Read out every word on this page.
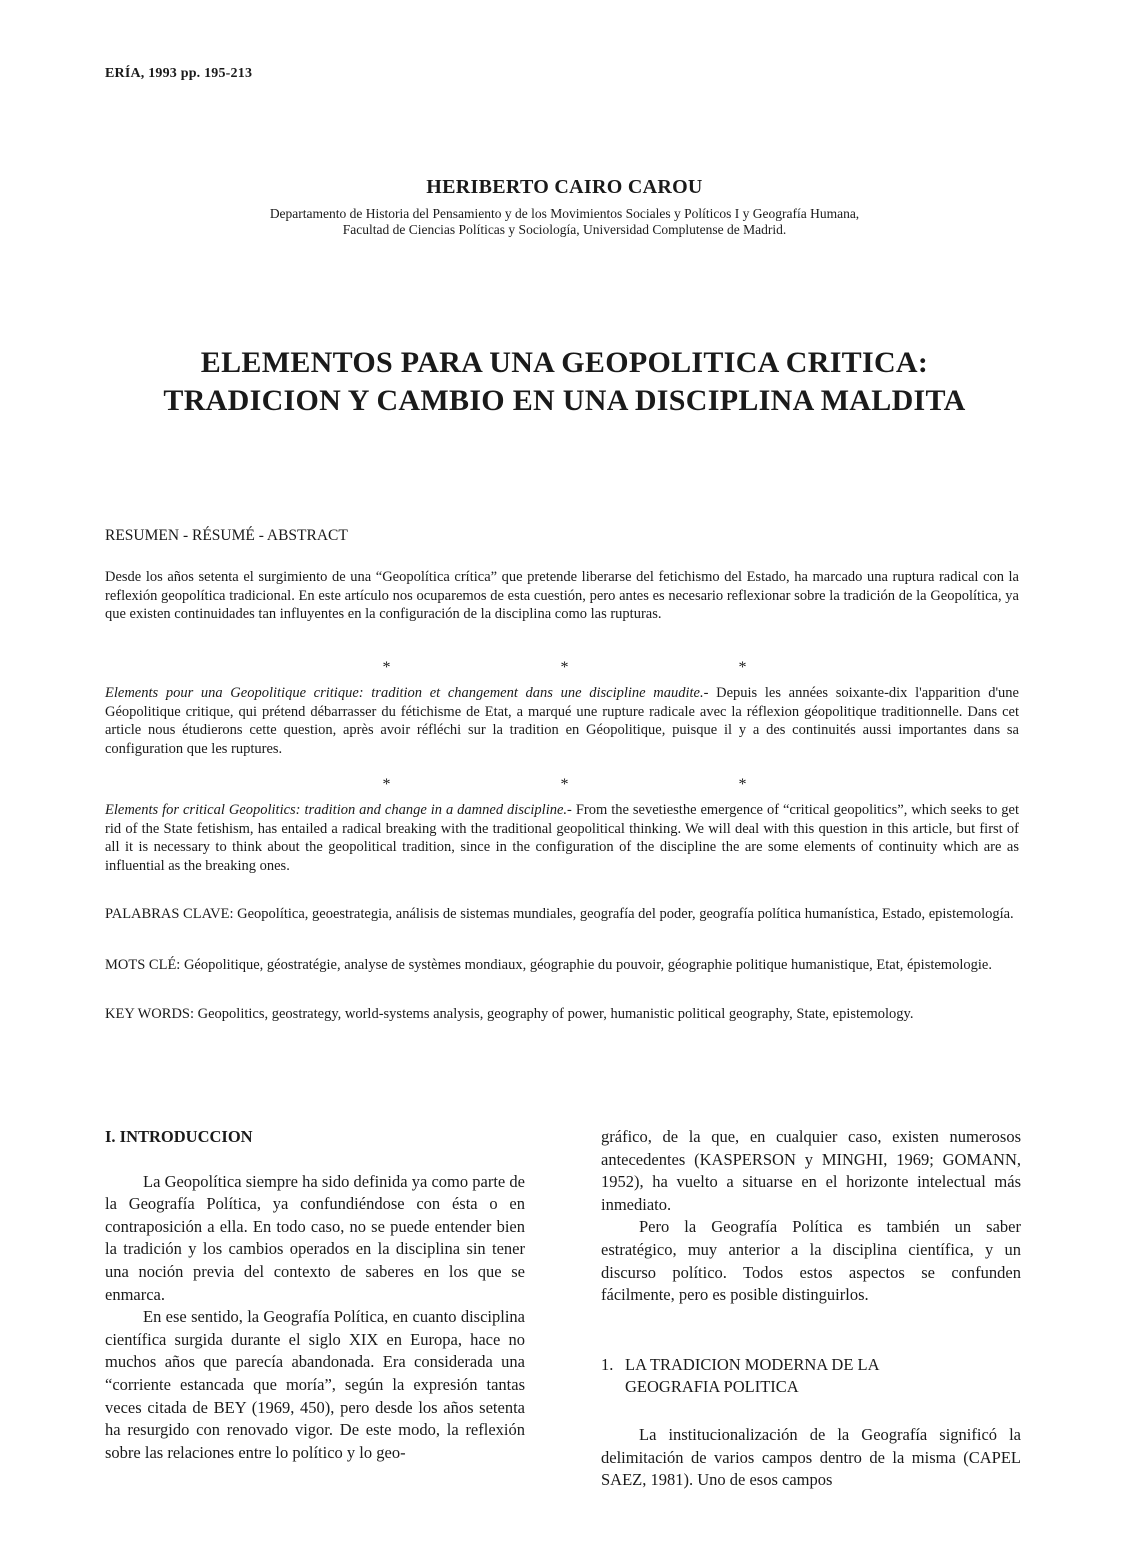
ERÍA, 1993 pp. 195-213
HERIBERTO CAIRO CAROU
Departamento de Historia del Pensamiento y de los Movimientos Sociales y Políticos I y Geografía Humana,
Facultad de Ciencias Políticas y Sociología, Universidad Complutense de Madrid.
ELEMENTOS PARA UNA GEOPOLITICA CRITICA:
TRADICION Y CAMBIO EN UNA DISCIPLINA MALDITA
RESUMEN - RÉSUMÉ - ABSTRACT

Desde los años setenta el surgimiento de una “Geopolítica crítica” que pretende liberarse del fetichismo del Estado, ha marcado una ruptura radical con la reflexión geopolítica tradicional. En este artículo nos ocuparemos de esta cuestión, pero antes es necesario reflexionar sobre la tradición de la Geopolítica, ya que existen continuidades tan influyentes en la configuración de la disciplina como las rupturas.

*	*	*

Elements pour una Geopolitique critique: tradition et changement dans une discipline maudite.- Depuis les années soixante-dix l'apparition d'une Géopolitique critique, qui prétend débarrasser du fétichisme de Etat, a marqué une rupture radicale avec la réflexion géopolitique traditionnelle. Dans cet article nous étudierons cette question, après avoir réfléchi sur la tradition en Géopolitique, puisque il y a des continuités aussi importantes dans sa configuration que les ruptures.

*	*	*

Elements for critical Geopolitics: tradition and change in a damned discipline.- From the sevetiesthe emergence of “critical geopolitics”, which seeks to get rid of the State fetishism, has entailed a radical breaking with the traditional geopolitical thinking. We will deal with this question in this article, but first of all it is necessary to think about the geopolitical tradition, since in the configuration of the discipline the are some elements of continuity which are as influential as the breaking ones.

PALABRAS CLAVE: Geopolítica, geoestrategia, análisis de sistemas mundiales, geografía del poder, geografía política humanística, Estado, epistemología.

MOTS CLÉ: Géopolitique, géostratégie, analyse de systèmes mondiaux, géographie du pouvoir, géographie politique humanistique, Etat, épistemologie.

KEY WORDS: Geopolitics, geostrategy, world-systems analysis, geography of power, humanistic political geography, State, epistemology.

I. INTRODUCCION

La Geopolítica siempre ha sido definida ya como parte de la Geografía Política, ya confundiéndose con ésta o en contraposición a ella. En todo caso, no se puede entender bien la tradición y los cambios operados en la disciplina sin tener una noción previa del contexto de saberes en los que se enmarca.

En ese sentido, la Geografía Política, en cuanto disciplina científica surgida durante el siglo XIX en Europa, hace no muchos años que parecía abandonada. Era considerada una “corriente estancada que moría”, según la expresión tantas veces citada de BEY (1969, 450), pero desde los años setenta ha resurgido con renovado vigor. De este modo, la reflexión sobre las relaciones entre lo político y lo geo-

gráfico, de la que, en cualquier caso, existen numerosos antecedentes (KASPERSON y MINGHI, 1969; GOMANN, 1952), ha vuelto a situarse en el horizonte intelectual más inmediato.

Pero la Geografía Política es también un saber estratégico, muy anterior a la disciplina científica, y un discurso político. Todos estos aspectos se confunden fácilmente, pero es posible distinguirlos.

1. LA TRADICION MODERNA DE LA
GEOGRAFIA POLITICA

La institucionalización de la Geografía significó la delimitación de varios campos dentro de la misma (CAPEL SAEZ, 1981). Uno de esos campos
